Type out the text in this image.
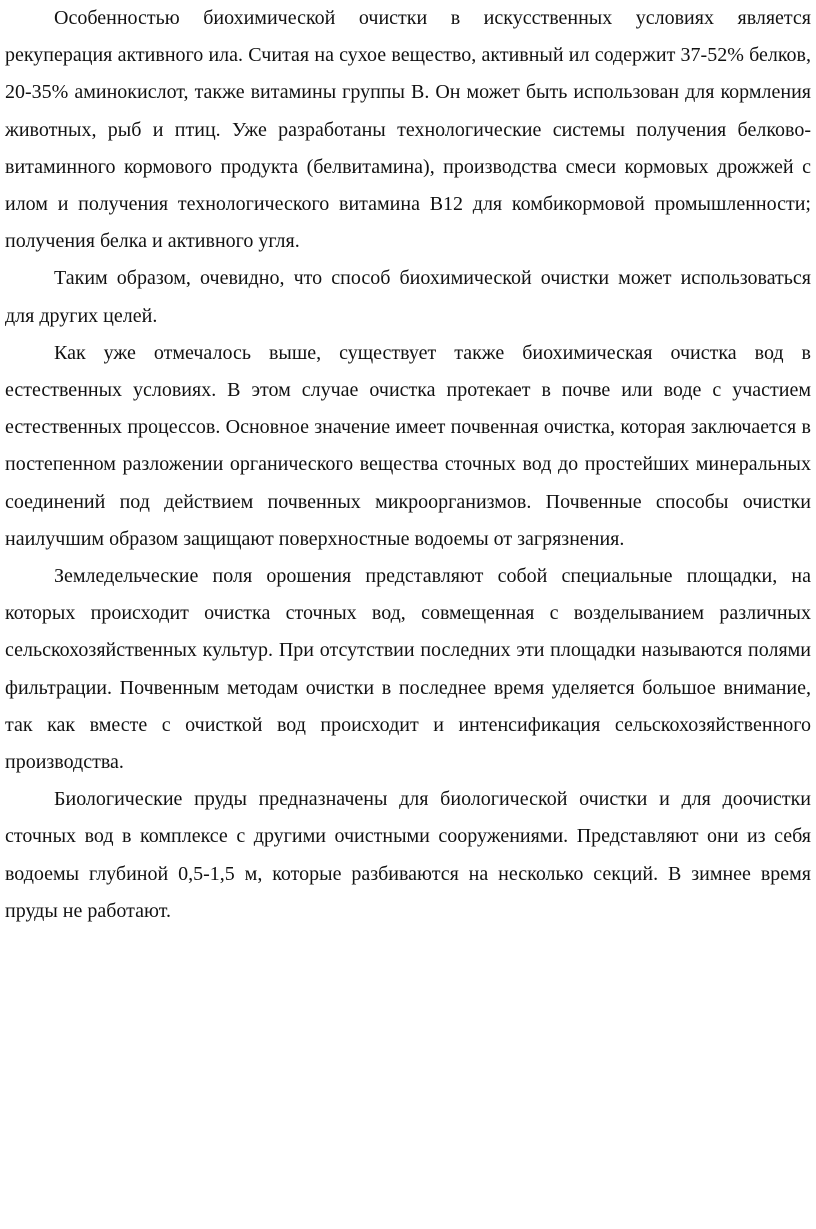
Особенностью биохимической очистки в искусственных условиях является рекуперация активного ила. Считая на сухое вещество, активный ил содержит 37-52% белков, 20-35% аминокислот, также витамины группы В. Он может быть использован для кормления животных, рыб и птиц. Уже разработаны технологические системы получения белково-витаминного кормового продукта (белвитамина), производства смеси кормовых дрожжей с илом и получения технологического витамина В12 для комбикормовой промышленности; получения белка и активного угля.

Таким образом, очевидно, что способ биохимической очистки может использоваться для других целей.

Как уже отмечалось выше, существует также биохимическая очистка вод в естественных условиях. В этом случае очистка протекает в почве или воде с участием естественных процессов. Основное значение имеет почвенная очистка, которая заключается в постепенном разложении органического вещества сточных вод до простейших минеральных соединений под действием почвенных микроорганизмов. Почвенные способы очистки наилучшим образом защищают поверхностные водоемы от загрязнения.

Земледельческие поля орошения представляют собой специальные площадки, на которых происходит очистка сточных вод, совмещенная с возделыванием различных сельскохозяйственных культур. При отсутствии последних эти площадки называются полями фильтрации. Почвенным методам очистки в последнее время уделяется большое внимание, так как вместе с очисткой вод происходит и интенсификация сельскохозяйственного производства.

Биологические пруды предназначены для биологической очистки и для доочистки сточных вод в комплексе с другими очистными сооружениями. Представляют они из себя водоемы глубиной 0,5-1,5 м, которые разбиваются на несколько секций. В зимнее время пруды не работают.
